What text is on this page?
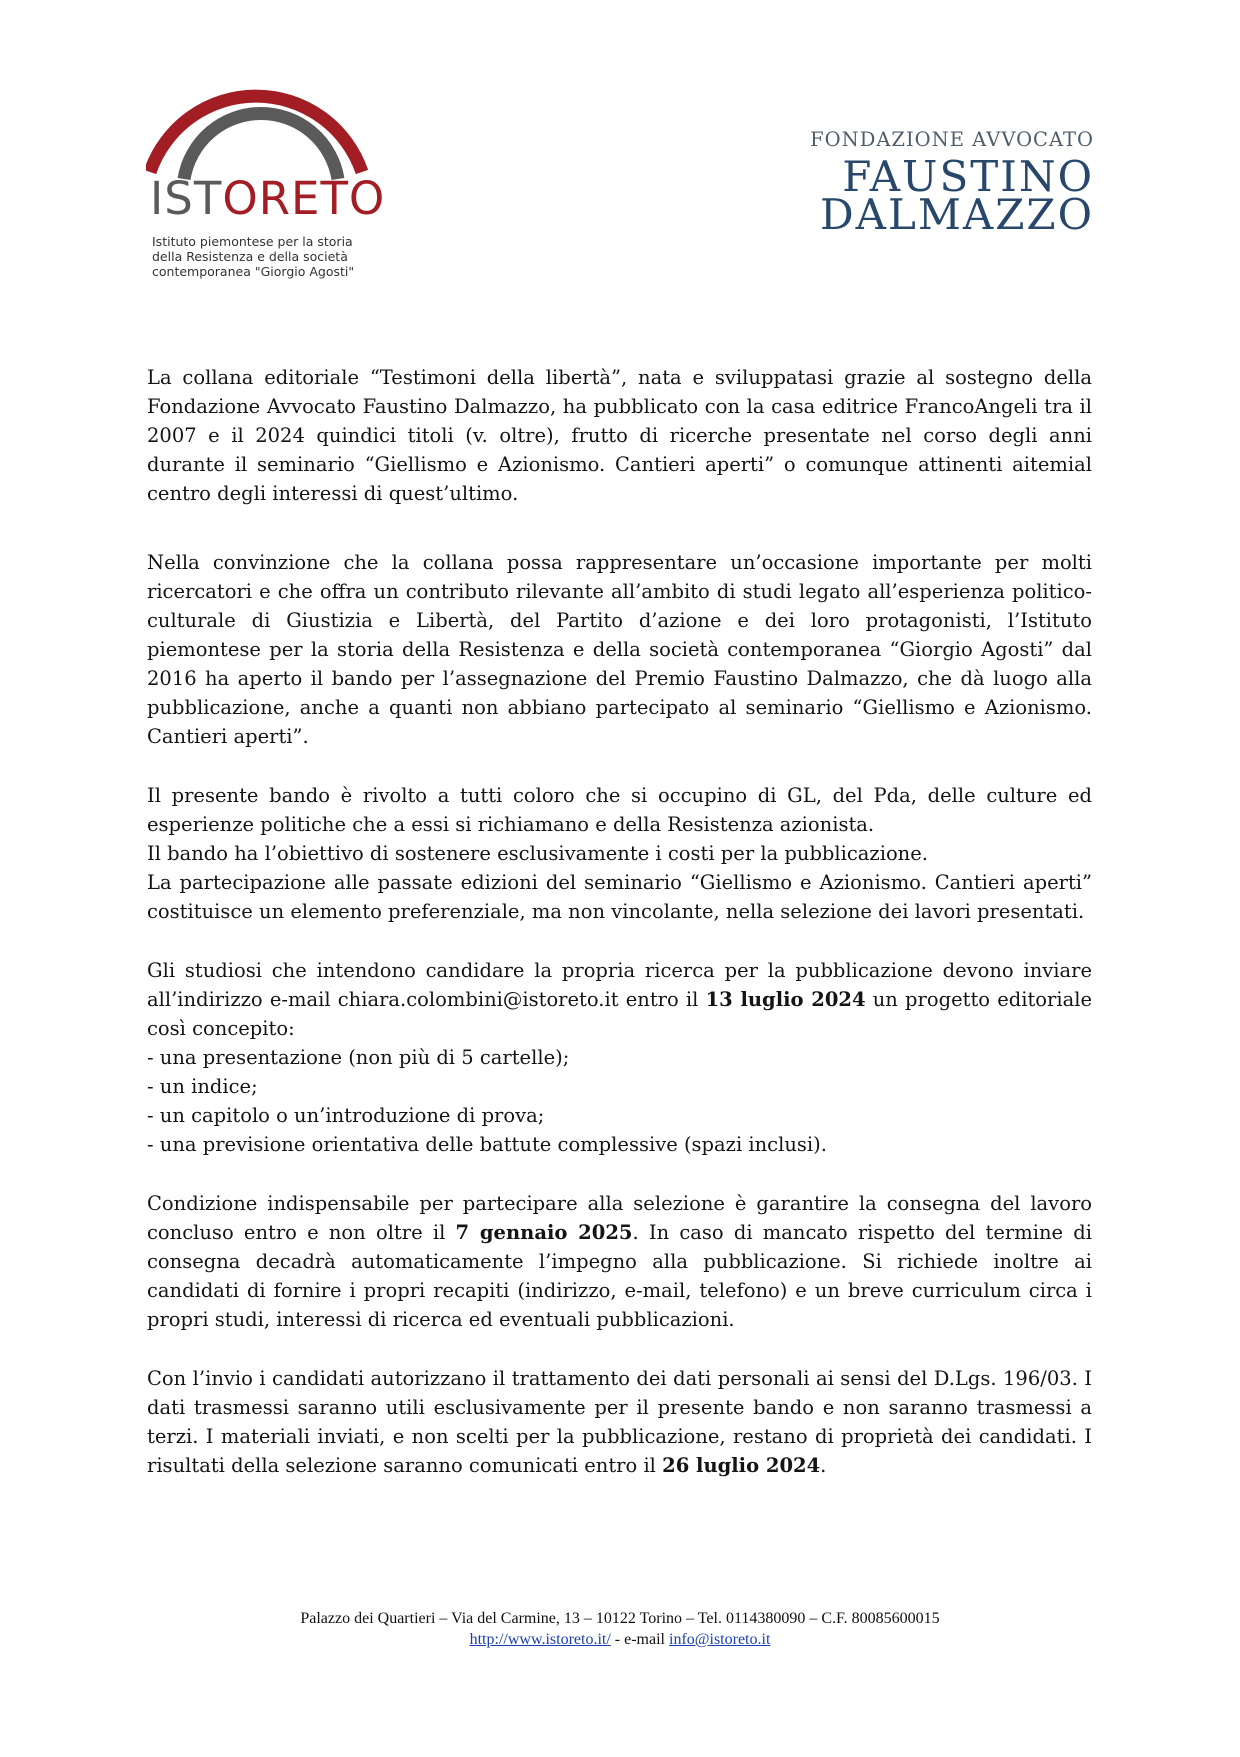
ISTORETO
Istituto piemontese per la storia
della Resistenza e della società
contemporanea "Giorgio Agosti"
FONDAZIONE AVVOCATO
FAUSTINO
DALMAZZO

La collana editoriale “Testimoni della libertà”, nata e sviluppatasi grazie al sostegno della Fondazione Avvocato Faustino Dalmazzo, ha pubblicato con la casa editrice FrancoAngeli tra il 2007 e il 2024 quindici titoli (v. oltre), frutto di ricerche presentate nel corso degli anni durante il seminario “Giellismo e Azionismo. Cantieri aperti” o comunque attinenti aitemial centro degli interessi di quest’ultimo.

Nella convinzione che la collana possa rappresentare un’occasione importante per molti ricercatori e che offra un contributo rilevante all’ambito di studi legato all’esperienza politico-culturale di Giustizia e Libertà, del Partito d’azione e dei loro protagonisti, l’Istituto piemontese per la storia della Resistenza e della società contemporanea “Giorgio Agosti” dal 2016 ha aperto il bando per l’assegnazione del Premio Faustino Dalmazzo, che dà luogo alla pubblicazione, anche a quanti non abbiano partecipato al seminario “Giellismo e Azionismo. Cantieri aperti”.

Il presente bando è rivolto a tutti coloro che si occupino di GL, del Pda, delle culture ed esperienze politiche che a essi si richiamano e della Resistenza azionista.

Il bando ha l’obiettivo di sostenere esclusivamente i costi per la pubblicazione.

La partecipazione alle passate edizioni del seminario “Giellismo e Azionismo. Cantieri aperti” costituisce un elemento preferenziale, ma non vincolante, nella selezione dei lavori presentati.

Gli studiosi che intendono candidare la propria ricerca per la pubblicazione devono inviare all’indirizzo e-mail chiara.colombini@istoreto.it entro il 13 luglio 2024 un progetto editoriale così concepito:

- una presentazione (non più di 5 cartelle);
- un indice;
- un capitolo o un’introduzione di prova;
- una previsione orientativa delle battute complessive (spazi inclusi).

Condizione indispensabile per partecipare alla selezione è garantire la consegna del lavoro concluso entro e non oltre il 7 gennaio 2025. In caso di mancato rispetto del termine di consegna decadrà automaticamente l’impegno alla pubblicazione. Si richiede inoltre ai candidati di fornire i propri recapiti (indirizzo, e-mail, telefono) e un breve curriculum circa i propri studi, interessi di ricerca ed eventuali pubblicazioni.

Con l’invio i candidati autorizzano il trattamento dei dati personali ai sensi del D.Lgs. 196/03. I dati trasmessi saranno utili esclusivamente per il presente bando e non saranno trasmessi a terzi. I materiali inviati, e non scelti per la pubblicazione, restano di proprietà dei candidati. I risultati della selezione saranno comunicati entro il 26 luglio 2024.

Palazzo dei Quartieri – Via del Carmine, 13 – 10122 Torino – Tel. 0114380090 – C.F. 80085600015
http://www.istoreto.it/ - e-mail info@istoreto.it
